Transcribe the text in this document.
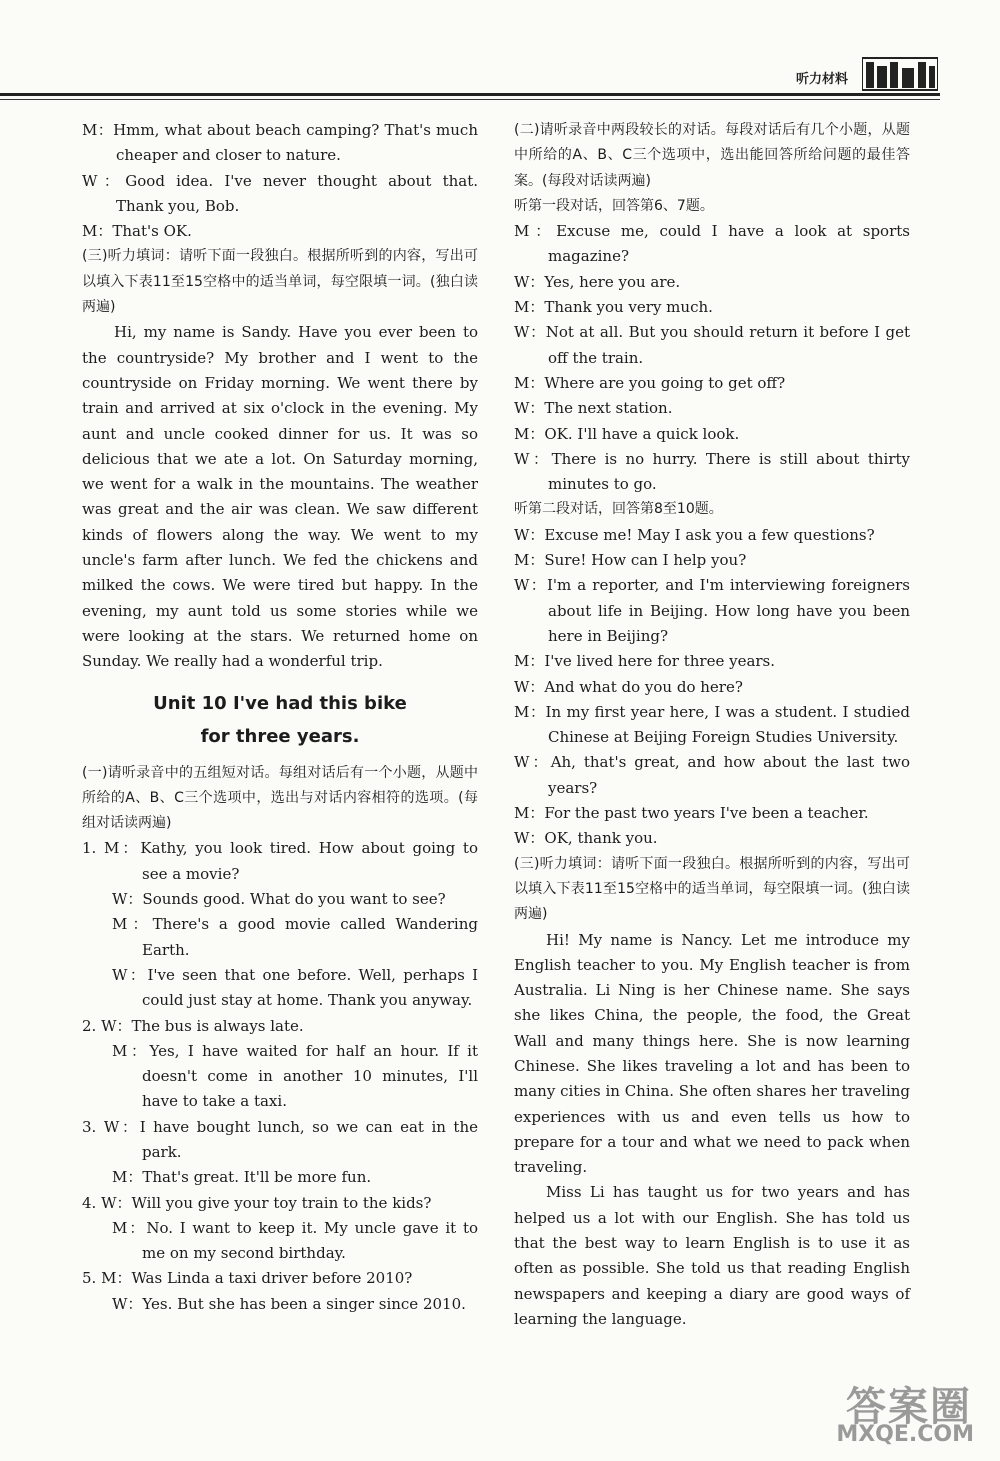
听力材料

M：Hmm, what about beach camping? That's much cheaper and closer to nature.

W：Good idea. I've never thought about that. Thank you, Bob.

M：That's OK.

(三)听力填词：请听下面一段独白。根据所听到的内容，写出可以填入下表11至15空格中的适当单词，每空限填一词。(独白读两遍)

Hi, my name is Sandy. Have you ever been to the countryside? My brother and I went to the countryside on Friday morning. We went there by train and arrived at six o'clock in the evening. My aunt and uncle cooked dinner for us. It was so delicious that we ate a lot. On Saturday morning, we went for a walk in the mountains. The weather was great and the air was clean. We saw different kinds of flowers along the way. We went to my uncle's farm after lunch. We fed the chickens and milked the cows. We were tired but happy. In the evening, my aunt told us some stories while we were looking at the stars. We returned home on Sunday. We really had a wonderful trip.

Unit 10 I've had this bike
for three years.

(一)请听录音中的五组短对话。每组对话后有一个小题，从题中所给的A、B、C三个选项中，选出与对话内容相符的选项。(每组对话读两遍)

1. M：Kathy, you look tired. How about going to see a movie?

W：Sounds good. What do you want to see?

M：There's a good movie called Wandering Earth.

W：I've seen that one before. Well, perhaps I could just stay at home. Thank you anyway.

2. W：The bus is always late.

M：Yes, I have waited for half an hour. If it doesn't come in another 10 minutes, I'll have to take a taxi.

3. W：I have bought lunch, so we can eat in the park.

M：That's great. It'll be more fun.

4. W：Will you give your toy train to the kids?

M：No. I want to keep it. My uncle gave it to me on my second birthday.

5. M：Was Linda a taxi driver before 2010?

W：Yes. But she has been a singer since 2010.

(二)请听录音中两段较长的对话。每段对话后有几个小题，从题中所给的A、B、C三个选项中，选出能回答所给问题的最佳答案。(每段对话读两遍)

听第一段对话，回答第6、7题。

M：Excuse me, could I have a look at sports magazine?

W：Yes, here you are.

M：Thank you very much.

W：Not at all. But you should return it before I get off the train.

M：Where are you going to get off?

W：The next station.

M：OK. I'll have a quick look.

W：There is no hurry. There is still about thirty minutes to go.

听第二段对话，回答第8至10题。

W：Excuse me! May I ask you a few questions?

M：Sure! How can I help you?

W：I'm a reporter, and I'm interviewing foreigners about life in Beijing. How long have you been here in Beijing?

M：I've lived here for three years.

W：And what do you do here?

M：In my first year here, I was a student. I studied Chinese at Beijing Foreign Studies University.

W：Ah, that's great, and how about the last two years?

M：For the past two years I've been a teacher.

W：OK, thank you.

(三)听力填词：请听下面一段独白。根据所听到的内容，写出可以填入下表11至15空格中的适当单词，每空限填一词。(独白读两遍)

Hi! My name is Nancy. Let me introduce my English teacher to you. My English teacher is from Australia. Li Ning is her Chinese name. She says she likes China, the people, the food, the Great Wall and many things here. She is now learning Chinese. She likes traveling a lot and has been to many cities in China. She often shares her traveling experiences with us and even tells us how to prepare for a tour and what we need to pack when traveling.

Miss Li has taught us for two years and has helped us a lot with our English. She has told us that the best way to learn English is to use it as often as possible. She told us that reading English newspapers and keeping a diary are good ways of learning the language.

答案圈
MXQE.COM
